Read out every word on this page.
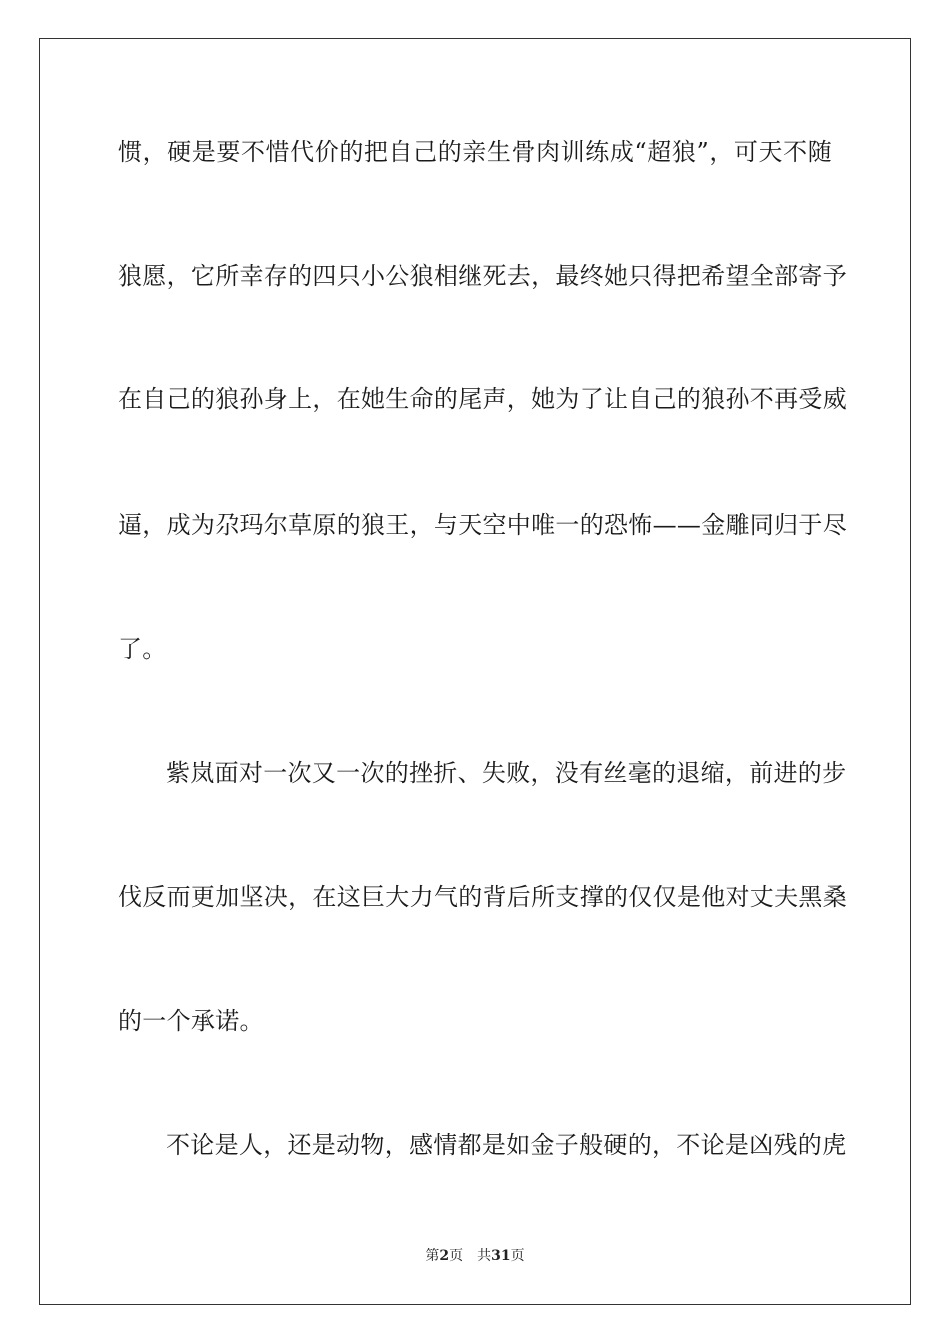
惯，硬是要不惜代价的把自己的亲生骨肉训练成“超狼”，可天不随
狼愿，它所幸存的四只小公狼相继死去，最终她只得把希望全部寄予
在自己的狼孙身上，在她生命的尾声，她为了让自己的狼孙不再受威
逼，成为尕玛尔草原的狼王，与天空中唯一的恐怖——金雕同归于尽
了。
紫岚面对一次又一次的挫折、失败，没有丝毫的退缩，前进的步
伐反而更加坚决，在这巨大力气的背后所支撑的仅仅是他对丈夫黑桑
的一个承诺。
不论是人，还是动物，感情都是如金子般硬的，不论是凶残的虎
第2页 共31页
